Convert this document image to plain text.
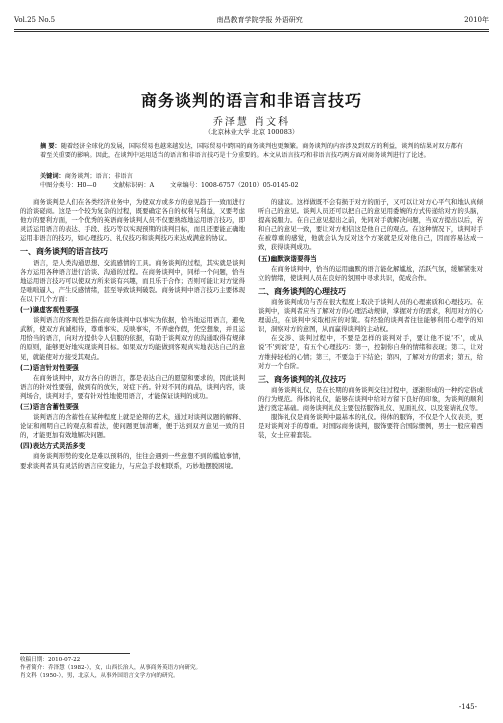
Vol.25 No.5	南昌教育学院学报 外语研究	2010年
商务谈判的语言和非语言技巧
乔泽慧 肖文科
（北京林业大学 北京 100083）
摘 要：随着经济全球化的发展，国际贸易也越来越发达，国际贸易中跨国的商务谈判也更频繁。商务谈判的内容涉及到双方的利益，谈判的结果对双方都有着至关重要的影响。因此，在谈判中运用适当的语言和非语言技巧是十分重要的。本文从语言技巧和非语言技巧两方面对商务谈判进行了论述。
关键词：商务谈判；语言；非语言
中图分类号：H0—0	文献标识码：A	文章编号：1008-6757（2010）05-0145-02

商务谈判是人们在各类经济业务中，为使双方或多方的意见趋于一致而进行的洽谈磋商。这是一个较为复杂的过程，既要确定各自的权利与利益，又要考虑他方的要利方面，一个优秀的英语商务谈判人员不仅要熟练地运用语言技巧，即灵活运用语言的表达、手段、技巧等以实现预期的谈判目标，而且还要能正确地运用非语言的技巧，如心理技巧、礼仪技巧和谈判技巧来达成满意的协议。

一、商务谈判的语言技巧

语言，是人类沟通思想、交流感情的工具。商务谈判的过程，其实就是谈判各方运用各种语言进行洽谈、沟通的过程。在商务谈判中，同样一个问题，恰当地运用语言技巧可以使双方所来谈有兴趣，而且乐于合作；否则可能让对方觉得是咄咄逼人，产生反感情绪，甚至导致谈判破裂。商务谈判中语言技巧主要体现在以下几个方面：

(一)谦虚客观性要强

谈判语言的客观性是指在商务谈判中以事实为依据，恰当地运用语言，避免武断，使双方真诚相待，尊重事实、反映事实，不弄虚作假，凭空想象，并且运用恰当的语言，向对方提供令人信服的依据，有助于谈判双方的沟通取得有规律的原则，能够更好地实现谈判目标。如果双方均能做到客观真实地表达自己的意见，就能使对方接受其观点。

(二)语言针对性要强

在商务谈判中，双方各自的语言，都是表达自己的愿望和要求的，因此谈判语言的针对性要强，做到有的放矢，对症下药。针对不同的商品，谈判内容，谈判场合，谈判对手，要有针对性地使用语言，才能保证谈判的成功。

(三)语言含蓄性要强

谈判语言的含蓄性在某种程度上就是论辩的艺术，通过对谈判议题的解释、论证和阐明自己的观点和看法，使问题更加清晰，便于达到双方意见一致的目的，才能更加有效地解决问题。

(四)表达方式灵活多变

商务谈判形势的变化是难以预料的，往往会遇到一些意想不到的尴尬事情，要求谈判者具有灵活的语言应变能力，与应急手段相联系，巧妙地摆脱困境。

的建议。这样做既不会有损于对方的面子，又可以让对方心平气和地认真倾听自己的意见。谈判人员还可以把自己的意见用委婉的方式传递给对方的头脑，提高说服力。在自己意见提出之前，先同对手就解决问题，当双方提出以后，若和自己的意见一致，要让对方相信这是他自己的观点。在这种情况下，谈判对手在被尊重的感觉，他就会认为反对这个方案就是反对他自己，因而容易达成一致，获得谈判成功。

(五)幽默诙谐要得当

在商务谈判中，恰当的运用幽默的语言能化解尴尬，活跃气氛，缓解紧张对立的情绪，使谈判人员在良好的氛围中寻求共识，促成合作。

二、商务谈判的心理技巧

商务谈判成功与否在很大程度上取决于谈判人员的心理素质和心理技巧。在谈判中，谈判者应当了解对方的心理活动规律，掌握对方的需求，利用对方的心理弱点，在谈判中采取相应的对策。有经验的谈判者往往能够利用心理学的知识，洞察对方的意图，从而赢得谈判的主动权。

在交涉、谈判过程中，不要是怎样的谈判对手，要让他不说'不'，或从说'不'到说'是'，有五个心理技巧：第一，控制你自身的情绪和表现；第二，让对方维持轻松的心情；第三，不要急于下结论；第四，了解对方的需求；第五，给对方一个台阶。

三、商务谈判的礼仪技巧

商务谈判礼仪，是在长期的商务谈判交往过程中，逐渐形成的一种约定俗成的行为规范。得体的礼仪，能够在谈判中给对方留下良好的印象，为谈判的顺利进行奠定基础。商务谈判礼仪主要包括服饰礼仪、见面礼仪、以及宴请礼仪等。

服饰礼仪是商务谈判中最基本的礼仪。得体的服饰，不仅是个人仪表美，更是对谈判对手的尊重。对国际商务谈判，服饰要符合国际惯例，男士一般应着西装，女士应着套装。

收稿日期：2010-07-22
作者简介：乔泽慧（1982-），女，山西长治人，从事商务英语方向研究。
肖文科（1950-），男，北京人，从事外国语言文学方向的研究。
-145-
